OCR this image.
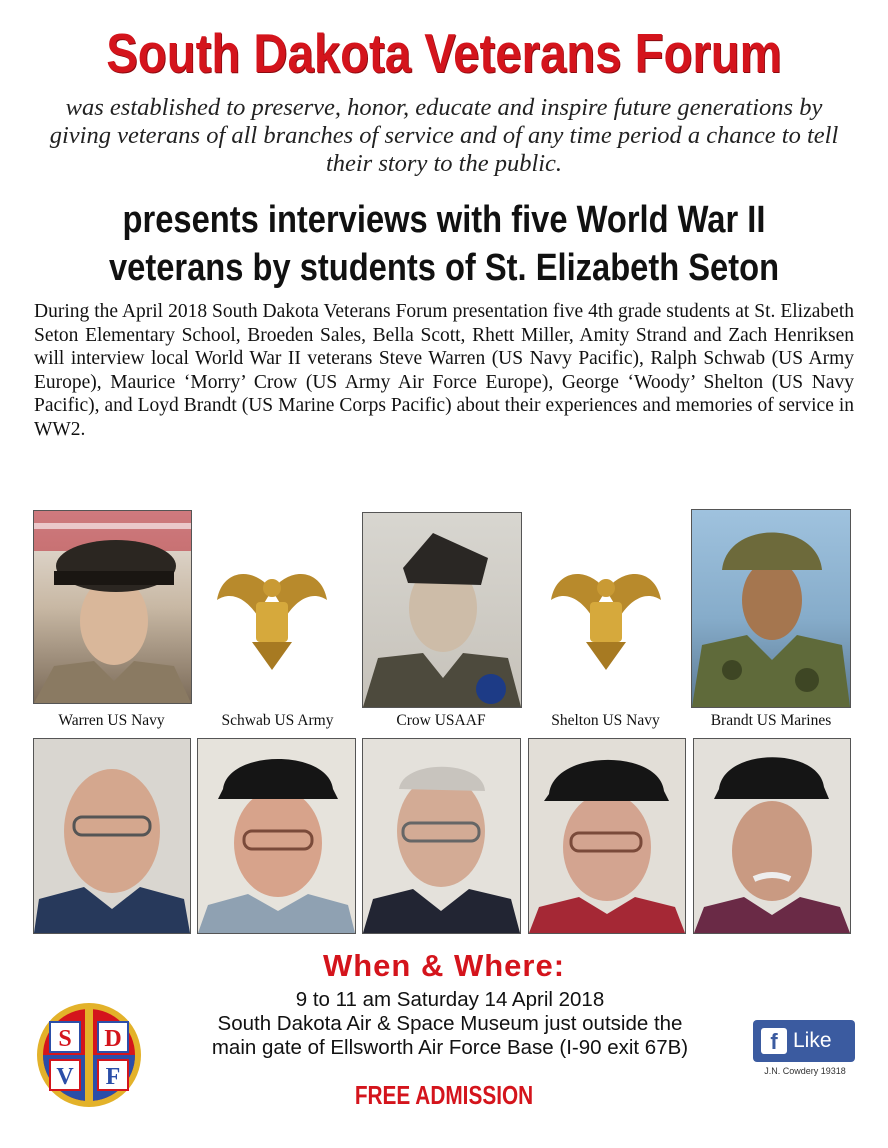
South Dakota Veterans Forum
was established to preserve, honor, educate and inspire future generations by giving veterans of all branches of service and of any time period a chance to tell their story to the public.
presents interviews with five World War II
veterans by students of St. Elizabeth Seton
During the April 2018 South Dakota Veterans Forum presentation five 4th grade students at St. Elizabeth Seton Elementary School, Broeden Sales, Bella Scott, Rhett Miller, Amity Strand and Zach Henriksen will interview local World War II veterans Steve Warren (US Navy Pacific), Ralph Schwab (US Army Europe), Maurice ‘Morry’ Crow (US Army Air Force Europe), George ‘Woody’ Shelton (US Navy Pacific), and Loyd Brandt (US Marine Corps Pacific) about their experiences and memories of service in WW2.
Warren US Navy	Schwab US Army	Crow USAAF	Shelton US Navy	Brandt US Marines
When & Where:
9 to 11 am Saturday 14 April 2018
South Dakota Air & Space Museum just outside the
main gate of Ellsworth Air Force Base (I-90 exit 67B)
FREE ADMISSION
S D
V F
f Like
J.N. Cowdery 19318
